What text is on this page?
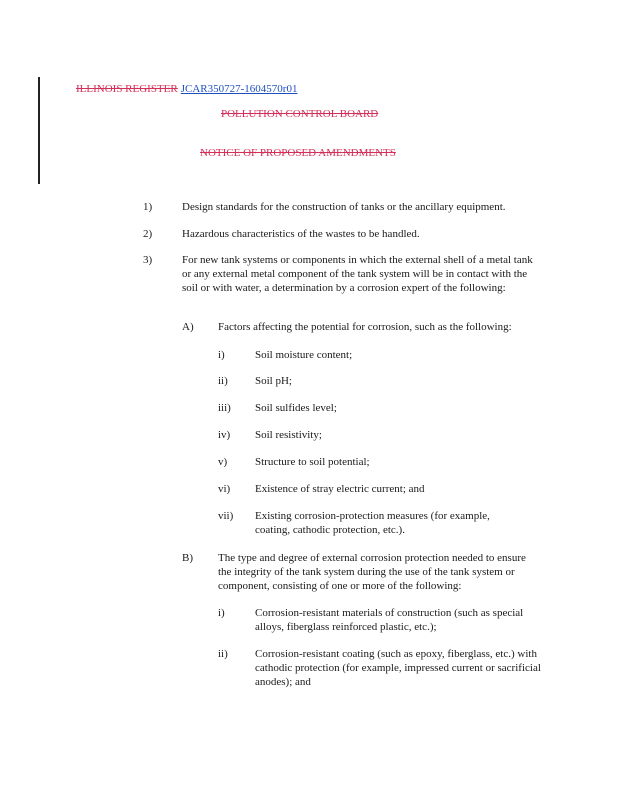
ILLINOIS REGISTER JCAR350727-1604570r01
POLLUTION CONTROL BOARD
NOTICE OF PROPOSED AMENDMENTS
1)	Design standards for the construction of tanks or the ancillary equipment.
2)	Hazardous characteristics of the wastes to be handled.
3)	For new tank systems or components in which the external shell of a metal tank or any external metal component of the tank system will be in contact with the soil or with water, a determination by a corrosion expert of the following:
A) Factors affecting the potential for corrosion, such as the following:
i)	Soil moisture content;
ii) Soil pH;
iii) Soil sulfides level;
iv) Soil resistivity;
v)	Structure to soil potential;
vi) Existence of stray electric current; and
vii) Existing corrosion-protection measures (for example, coating, cathodic protection, etc.).
B) The type and degree of external corrosion protection needed to ensure the integrity of the tank system during the use of the tank system or component, consisting of one or more of the following:
i)	Corrosion-resistant materials of construction (such as special alloys, fiberglass reinforced plastic, etc.);
ii) Corrosion-resistant coating (such as epoxy, fiberglass, etc.) with cathodic protection (for example, impressed current or sacrificial anodes); and
